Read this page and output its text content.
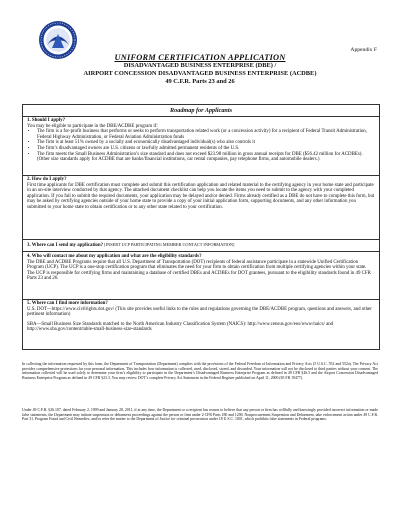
Appendix F
UNIFORM CERTIFICATION APPLICATION
DISADVANTAGED BUSINESS ENTERPRISE (DBE) /
AIRPORT CONCESSION DISADVANTAGED BUSINESS ENTERPRISE (ACDBE)
49 C.F.R. Parts 23 and 26
Roadmap for Applicants

1. Should I apply?

You may be eligible to participate in the DBE/ACDBE program if:

• The firm is a for-profit business that performs or seeks to perform transportation related work (or a concession activity) for a recipient of Federal Transit Administration, Federal Highway Administration, or Federal Aviation Administration funds
• The firm is at least 51% owned by a socially and economically disadvantaged individual(s) who also controls it
• The firm’s disadvantaged owners are U.S. citizens or lawfully admitted permanent residents of the U.S.
• The firm meets the Small Business Administration’s size standard and does not exceed $23.98 million in gross annual receipts for DBE ($56.42 million for ACDBEs). (Other size standards apply for ACDBE that are banks/financial institutions, car rental companies, pay telephone firms, and automobile dealers.)

2. How do I apply?

First time applicants for DBE certification must complete and submit this certification application and related material to the certifying agency in your home state and participate in an on-site interview conducted by that agency. The attached document checklist can help you locate the items you need to submit to the agency with your completed application. If you fail to submit the required documents, your application may be delayed and/or denied. Firms already certified as a DBE do not have to complete this form, but may be asked by certifying agencies outside of your home state to provide a copy of your initial application form, supporting documents, and any other information you submitted to your home state to obtain certification or to any other state related to your certification.

3. Where can I send my application? [INSERT UCP PARTICIPATING MEMBER CONTACT INFORMATION]

4. Who will contact me about my application and what are the eligibility standards?

The DBE and ACDBE Programs require that all U.S. Department of Transportation (DOT) recipients of federal assistance participate in a statewide Unified Certification Program (UCP). The UCP is a one-stop certification program that eliminates the need for your firm to obtain certification from multiple certifying agencies within your state. The UCP is responsible for certifying firms and maintaining a database of certified DBEs and ACDBEs for DOT grantees, pursuant to the eligibility standards found in 49 CFR Parts 23 and 26.

5. Where can I find more information?

U.S. DOT—https://www.civilrights.dot.gov/ (This site provides useful links to the rules and regulations governing the DBE/ACDBE program, questions and answers, and other pertinent information)

SBA—Small Business Size Standards matched to the North American Industry Classification System (NAICS): http://www.census.gov/eos/www/naics/ and http://www.sba.gov/content/table-small-business-size-standards

In collecting the information requested by this form, the Department of Transportation (Department) complies with the provisions of the Federal Freedom of Information and Privacy Acts (5 U.S.C. 552 and 552a). The Privacy Act provides comprehensive protections for your personal information. This includes how information is collected, used, disclosed, stored, and discarded. Your information will not be disclosed to third parties without your consent. The information collected will be used solely to determine your firm’s eligibility to participate in the Department’s Disadvantaged Business Enterprise Program as defined in 49 CFR §26.5 and the Airport Concession Disadvantaged Business Enterprise Program as defined in 49 CFR §23.3. You may review DOT’s complete Privacy Act Statement in the Federal Register published on April 11, 2000 (65 FR 19477).

Under 49 C.F.R. §26.107, dated February 2, 1999 and January 28, 2011, if at any time, the Department or a recipient has reason to believe that any person or firm has willfully and knowingly provided incorrect information or made false statements, the Department may initiate suspension or debarment proceedings against the person or firm under 2 CFR Parts 180 and 1200, Nonprocurement Suspension and Debarment, take enforcement action under 49 C.F.R. Part 31, Program Fraud and Civil Remedies, and/or refer the matter to the Department of Justice for criminal prosecution under 18 U.S.C. 1001, which prohibits false statements in Federal programs.
